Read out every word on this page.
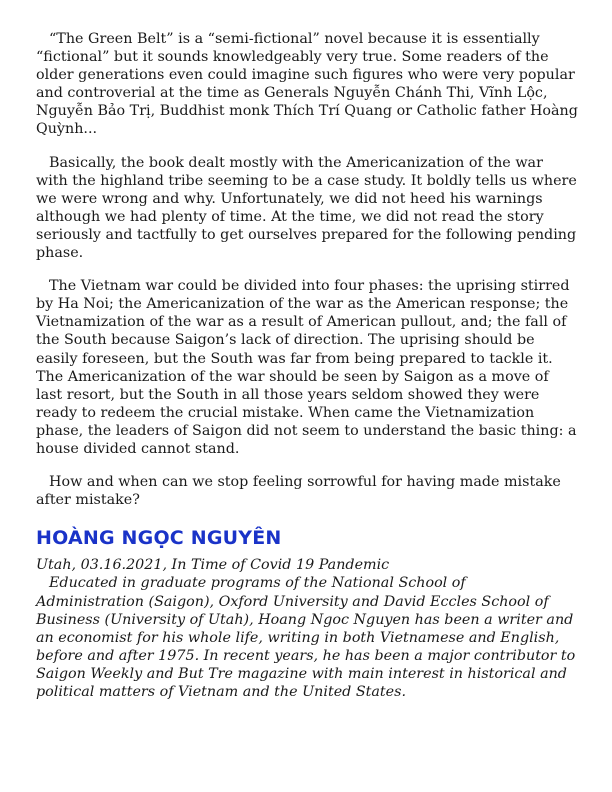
“The Green Belt” is a “semi-fictional” novel because it is essentially “fictional” but it sounds knowledgeably very true. Some readers of the older generations even could imagine such figures who were very popular and controverial at the time as Generals Nguyễn Chánh Thi, Vĩnh Lộc, Nguyễn Bảo Trị, Buddhist monk Thích Trí Quang or Catholic father Hoàng Quỳnh...

Basically, the book dealt mostly with the Americanization of the war with the highland tribe seeming to be a case study. It boldly tells us where we were wrong and why. Unfortunately, we did not heed his warnings although we had plenty of time. At the time, we did not read the story seriously and tactfully to get ourselves prepared for the following pending phase.

The Vietnam war could be divided into four phases: the uprising stirred by Ha Noi; the Americanization of the war as the American response; the Vietnamization of the war as a result of American pullout, and; the fall of the South because Saigon’s lack of direction. The uprising should be easily foreseen, but the South was far from being prepared to tackle it. The Americanization of the war should be seen by Saigon as a move of last resort, but the South in all those years seldom showed they were ready to redeem the crucial mistake. When came the Vietnamization phase, the leaders of Saigon did not seem to understand the basic thing: a house divided cannot stand.

How and when can we stop feeling sorrowful for having made mistake after mistake?

HOÀNG NGỌC NGUYÊN

Utah, 03.16.2021, In Time of Covid 19 Pandemic

Educated in graduate programs of the National School of Administration (Saigon), Oxford University and David Eccles School of Business (University of Utah), Hoang Ngoc Nguyen has been a writer and an economist for his whole life, writing in both Vietnamese and English, before and after 1975. In recent years, he has been a major contributor to Saigon Weekly and But Tre magazine with main interest in historical and political matters of Vietnam and the United States.
